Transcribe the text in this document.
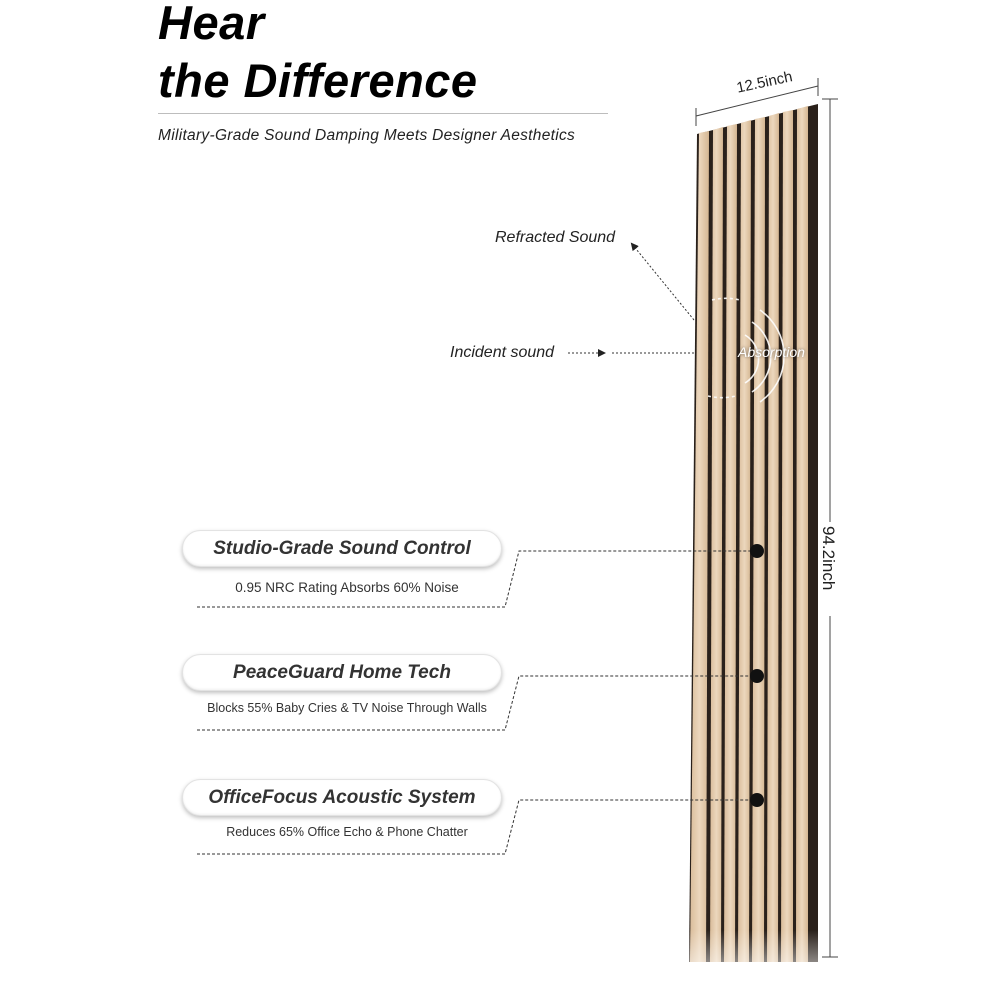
Hear
the Difference
Military-Grade Sound Damping Meets Designer Aesthetics
12.5inch
94.2inch
Refracted Sound
Incident sound	Absorption
Studio-Grade Sound Control
0.95 NRC Rating Absorbs 60% Noise
PeaceGuard Home Tech
Blocks 55% Baby Cries & TV Noise Through Walls
OfficeFocus Acoustic System
Reduces 65% Office Echo & Phone Chatter
